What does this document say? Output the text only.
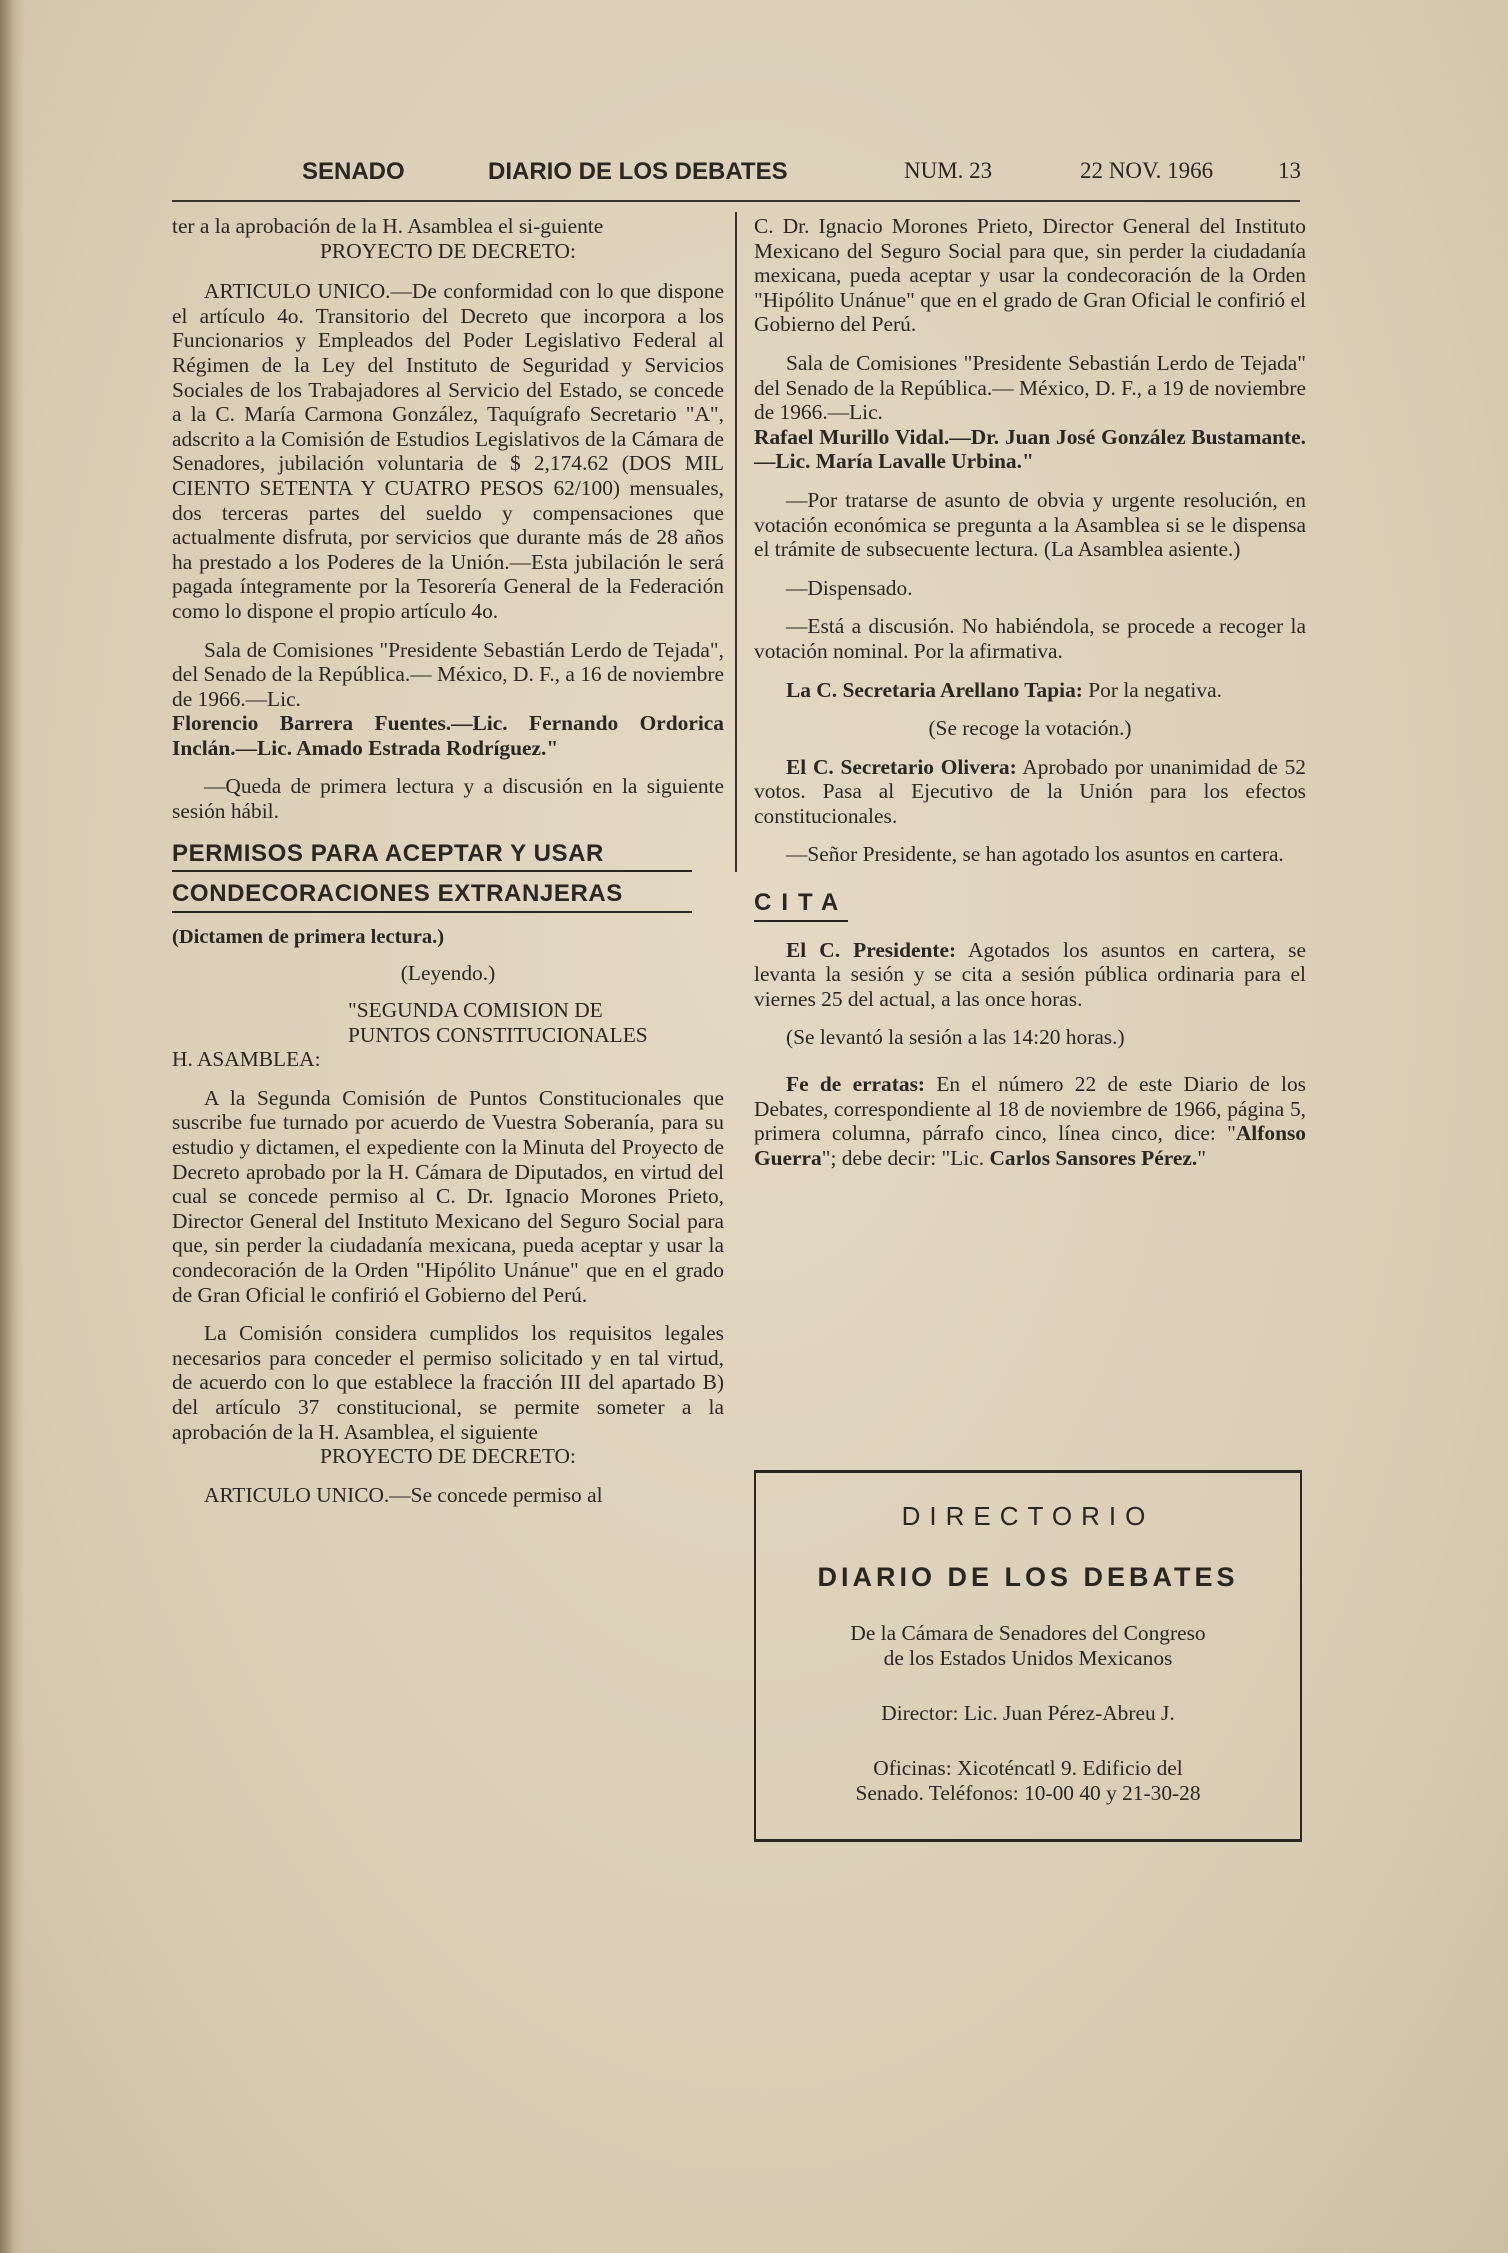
SENADO	DIARIO DE LOS DEBATES	NUM. 23	22 NOV. 1966	13

ter a la aprobación de la H. Asamblea el si-guiente

PROYECTO DE DECRETO:

ARTICULO UNICO.—De conformidad con lo que dispone el artículo 4o. Transitorio del Decreto que incorpora a los Funcionarios y Empleados del Poder Legislativo Federal al Régimen de la Ley del Instituto de Seguridad y Servicios Sociales de los Trabajadores al Servicio del Estado, se concede a la C. María Carmona González, Taquígrafo Secretario "A", adscrito a la Comisión de Estudios Legislativos de la Cámara de Senadores, jubilación voluntaria de $ 2,174.62 (DOS MIL CIENTO SETENTA Y CUATRO PESOS 62/100) mensuales, dos terceras partes del sueldo y compensaciones que actualmente disfruta, por servicios que durante más de 28 años ha prestado a los Poderes de la Unión.—Esta jubilación le será pagada íntegramente por la Tesorería General de la Federación como lo dispone el propio artículo 4o.

Sala de Comisiones "Presidente Sebastián Lerdo de Tejada", del Senado de la República.— México, D. F., a 16 de noviembre de 1966.—Lic.

Florencio Barrera Fuentes.—Lic. Fernando Ordorica Inclán.—Lic. Amado Estrada Rodríguez."

—Queda de primera lectura y a discusión en la siguiente sesión hábil.

PERMISOS PARA ACEPTAR Y USAR
CONDECORACIONES EXTRANJERAS
(Dictamen de primera lectura.)
(Leyendo.)
"SEGUNDA COMISION DE
PUNTOS CONSTITUCIONALES
H. ASAMBLEA:

A la Segunda Comisión de Puntos Constitucionales que suscribe fue turnado por acuerdo de Vuestra Soberanía, para su estudio y dictamen, el expediente con la Minuta del Proyecto de Decreto aprobado por la H. Cámara de Diputados, en virtud del cual se concede permiso al C. Dr. Ignacio Morones Prieto, Director General del Instituto Mexicano del Seguro Social para que, sin perder la ciudadanía mexicana, pueda aceptar y usar la condecoración de la Orden "Hipólito Unánue" que en el grado de Gran Oficial le confirió el Gobierno del Perú.

La Comisión considera cumplidos los requisitos legales necesarios para conceder el permiso solicitado y en tal virtud, de acuerdo con lo que establece la fracción III del apartado B) del artículo 37 constitucional, se permite someter a la aprobación de la H. Asamblea, el siguiente

PROYECTO DE DECRETO:

ARTICULO UNICO.—Se concede permiso al

C. Dr. Ignacio Morones Prieto, Director General del Instituto Mexicano del Seguro Social para que, sin perder la ciudadanía mexicana, pueda aceptar y usar la condecoración de la Orden "Hipólito Unánue" que en el grado de Gran Oficial le confirió el Gobierno del Perú.

Sala de Comisiones "Presidente Sebastián Lerdo de Tejada" del Senado de la República.— México, D. F., a 19 de noviembre de 1966.—Lic.

Rafael Murillo Vidal.—Dr. Juan José González Bustamante.—Lic. María Lavalle Urbina."

—Por tratarse de asunto de obvia y urgente resolución, en votación económica se pregunta a la Asamblea si se le dispensa el trámite de subsecuente lectura. (La Asamblea asiente.)

—Dispensado.

—Está a discusión. No habiéndola, se procede a recoger la votación nominal. Por la afirmativa.

La C. Secretaria Arellano Tapia: Por la negativa.

(Se recoge la votación.)

El C. Secretario Olivera: Aprobado por unanimidad de 52 votos. Pasa al Ejecutivo de la Unión para los efectos constitucionales.

—Señor Presidente, se han agotado los asuntos en cartera.

CITA

El C. Presidente: Agotados los asuntos en cartera, se levanta la sesión y se cita a sesión pública ordinaria para el viernes 25 del actual, a las once horas.

(Se levantó la sesión a las 14:20 horas.)

Fe de erratas: En el número 22 de este Diario de los Debates, correspondiente al 18 de noviembre de 1966, página 5, primera columna, párrafo cinco, línea cinco, dice: "Alfonso Guerra"; debe decir: "Lic. Carlos Sansores Pérez."

DIRECTORIO
DIARIO DE LOS DEBATES
De la Cámara de Senadores del Congreso
de los Estados Unidos Mexicanos
Director: Lic. Juan Pérez-Abreu J.
Oficinas: Xicoténcatl 9. Edificio del
Senado. Teléfonos: 10-00 40 y 21-30-28
